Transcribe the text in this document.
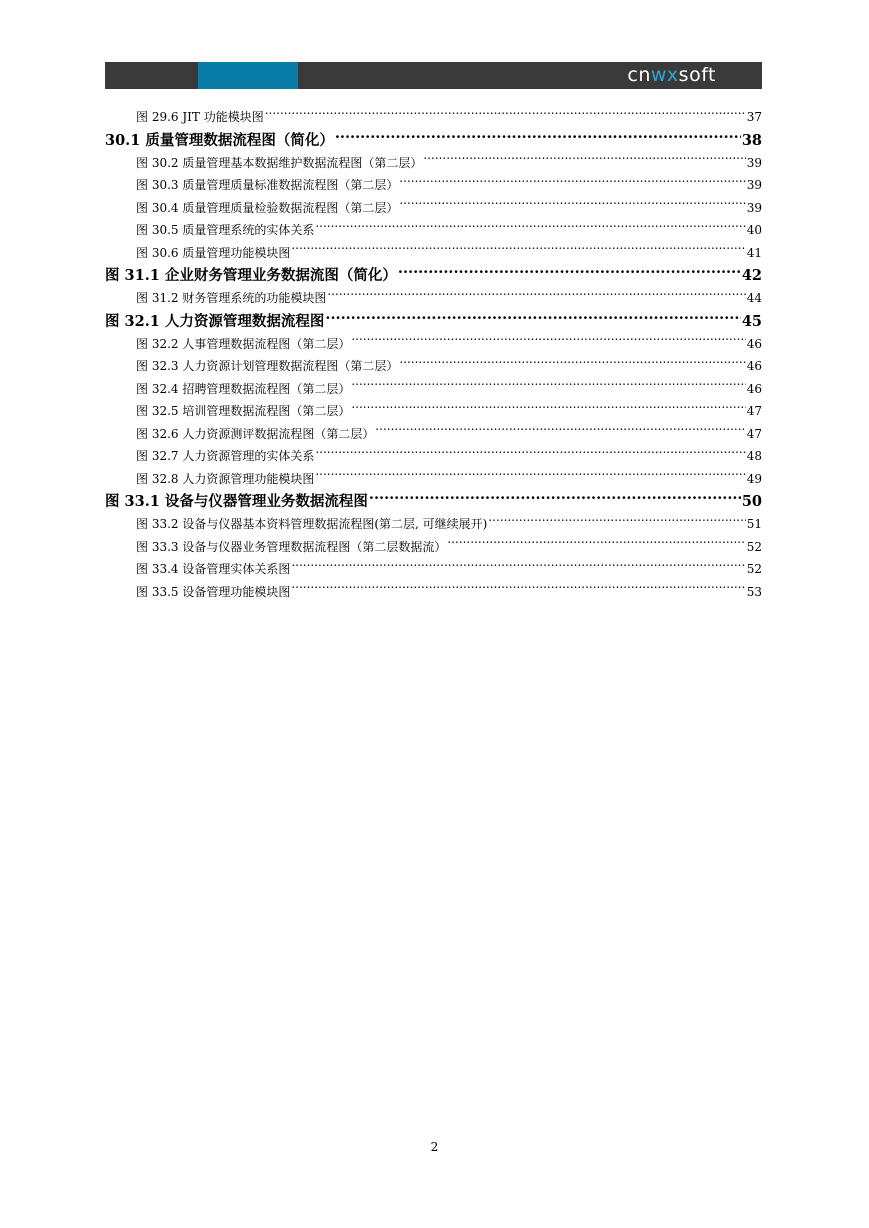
cnwxsoft
图 29.6 JIT 功能模块图 .....	37
30.1 质量管理数据流程图（简化） .....	38
图 30.2 质量管理基本数据维护数据流程图（第二层） .....	39
图 30.3 质量管理质量标准数据流程图（第二层） .....	39
图 30.4 质量管理质量检验数据流程图（第二层） .....	39
图 30.5 质量管理系统的实体关系 .....	40
图 30.6 质量管理功能模块图 .....	41
图 31.1 企业财务管理业务数据流图（简化） .....	42
图 31.2 财务管理系统的功能模块图 .....	44
图 32.1 人力资源管理数据流程图 .....	45
图 32.2 人事管理数据流程图（第二层） .....	46
图 32.3 人力资源计划管理数据流程图（第二层） .....	46
图 32.4 招聘管理数据流程图（第二层） .....	46
图 32.5 培训管理数据流程图（第二层） .....	47
图 32.6 人力资源测评数据流程图（第二层） .....	47
图 32.7 人力资源管理的实体关系 .....	48
图 32.8 人力资源管理功能模块图 .....	49
图 33.1 设备与仪器管理业务数据流程图 .....	50
图 33.2 设备与仪器基本资料管理数据流程图(第二层, 可继续展开) .....	51
图 33.3 设备与仪器业务管理数据流程图（第二层数据流） .....	52
图 33.4 设备管理实体关系图 .....	52
图 33.5 设备管理功能模块图 .....	53
2
